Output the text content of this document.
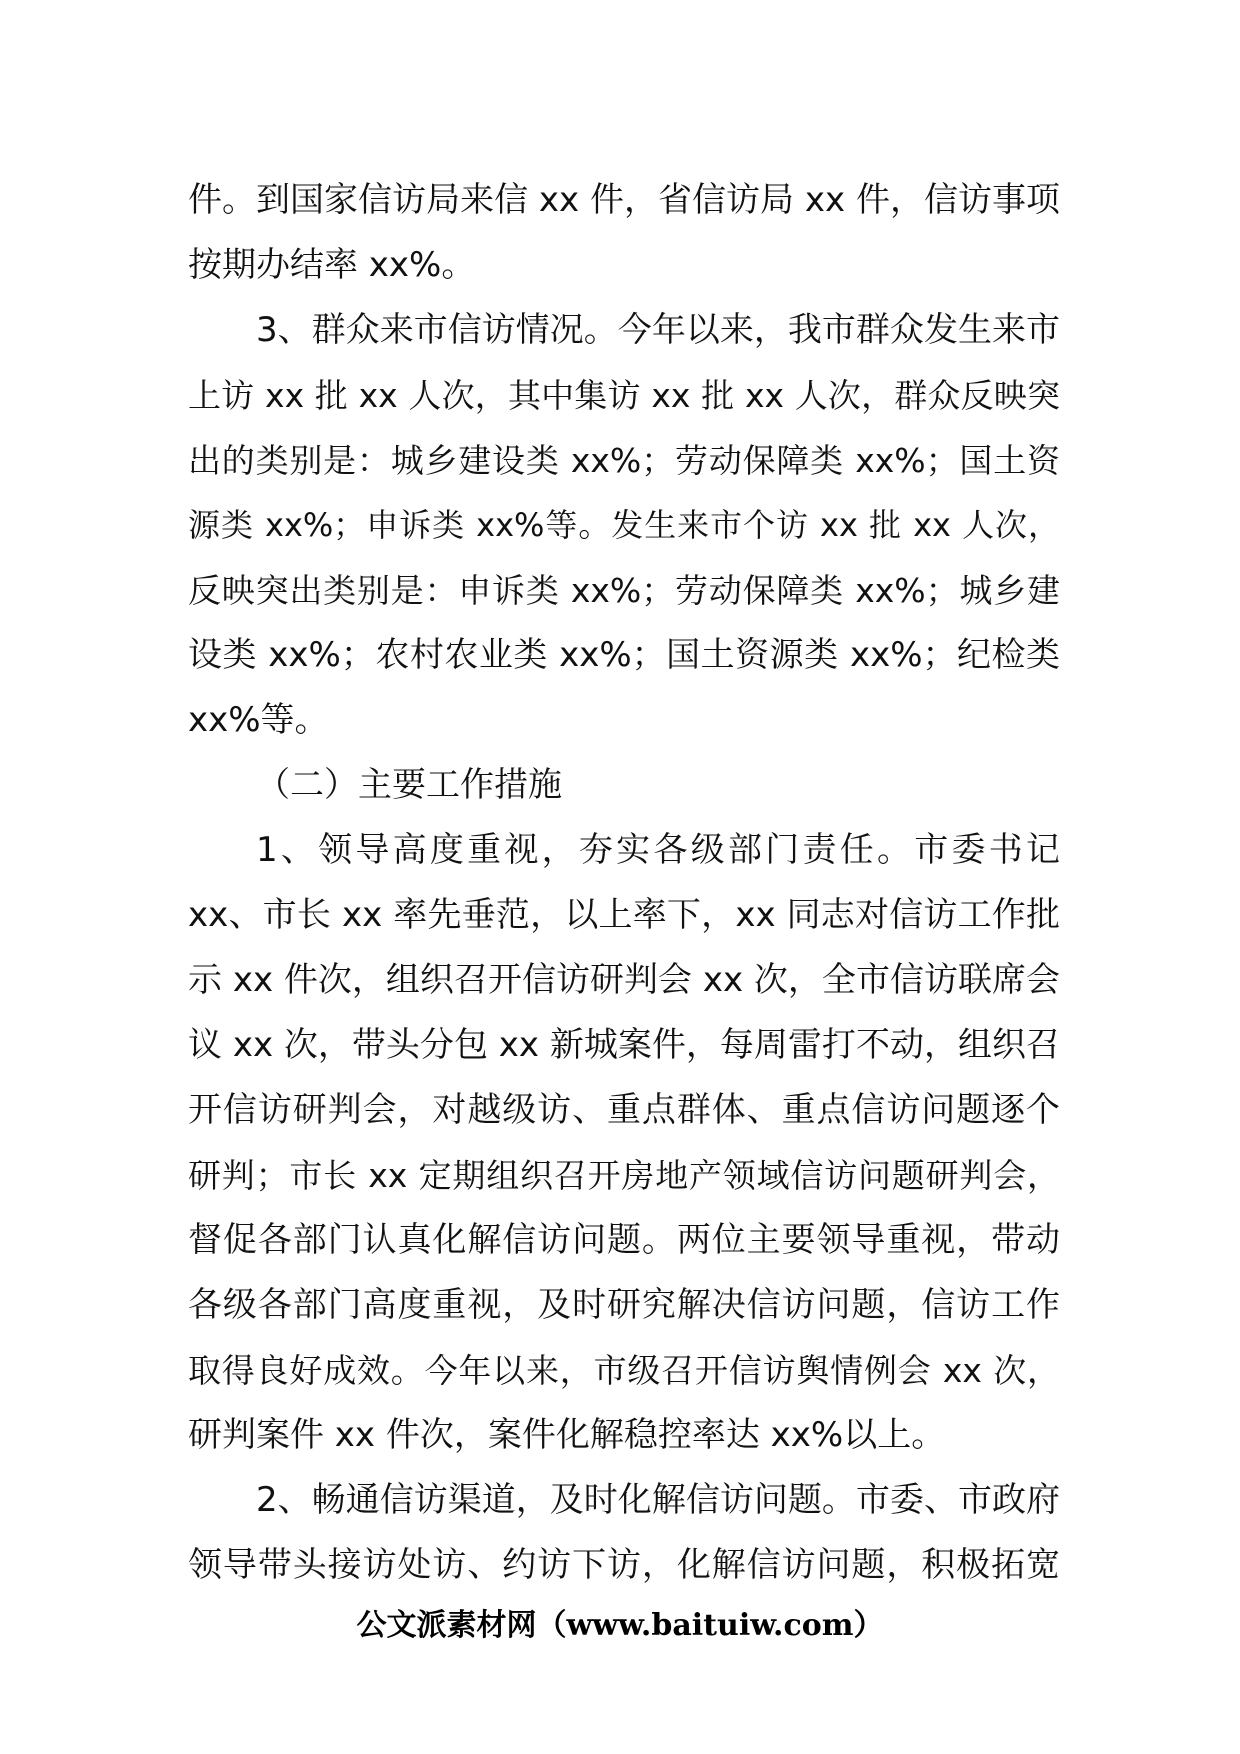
件。到国家信访局来信 xx 件，省信访局 xx 件，信访事项
按期办结率 xx%。
3、群众来市信访情况。今年以来，我市群众发生来市
上访 xx 批 xx 人次，其中集访 xx 批 xx 人次，群众反映突
出的类别是：城乡建设类 xx%；劳动保障类 xx%；国土资
源类 xx%；申诉类 xx%等。发生来市个访 xx 批 xx 人次，
反映突出类别是：申诉类 xx%；劳动保障类 xx%；城乡建
设类 xx%；农村农业类 xx%；国土资源类 xx%；纪检类
xx%等。
（二）主要工作措施
1、领导高度重视，夯实各级部门责任。市委书记
xx、市长 xx 率先垂范，以上率下，xx 同志对信访工作批
示 xx 件次，组织召开信访研判会 xx 次，全市信访联席会
议 xx 次，带头分包 xx 新城案件，每周雷打不动，组织召
开信访研判会，对越级访、重点群体、重点信访问题逐个
研判；市长 xx 定期组织召开房地产领域信访问题研判会，
督促各部门认真化解信访问题。两位主要领导重视，带动
各级各部门高度重视，及时研究解决信访问题，信访工作
取得良好成效。今年以来，市级召开信访舆情例会 xx 次，
研判案件 xx 件次，案件化解稳控率达 xx%以上。
2、畅通信访渠道，及时化解信访问题。市委、市政府
领导带头接访处访、约访下访，化解信访问题，积极拓宽
公文派素材网（www.baituiw.com）
